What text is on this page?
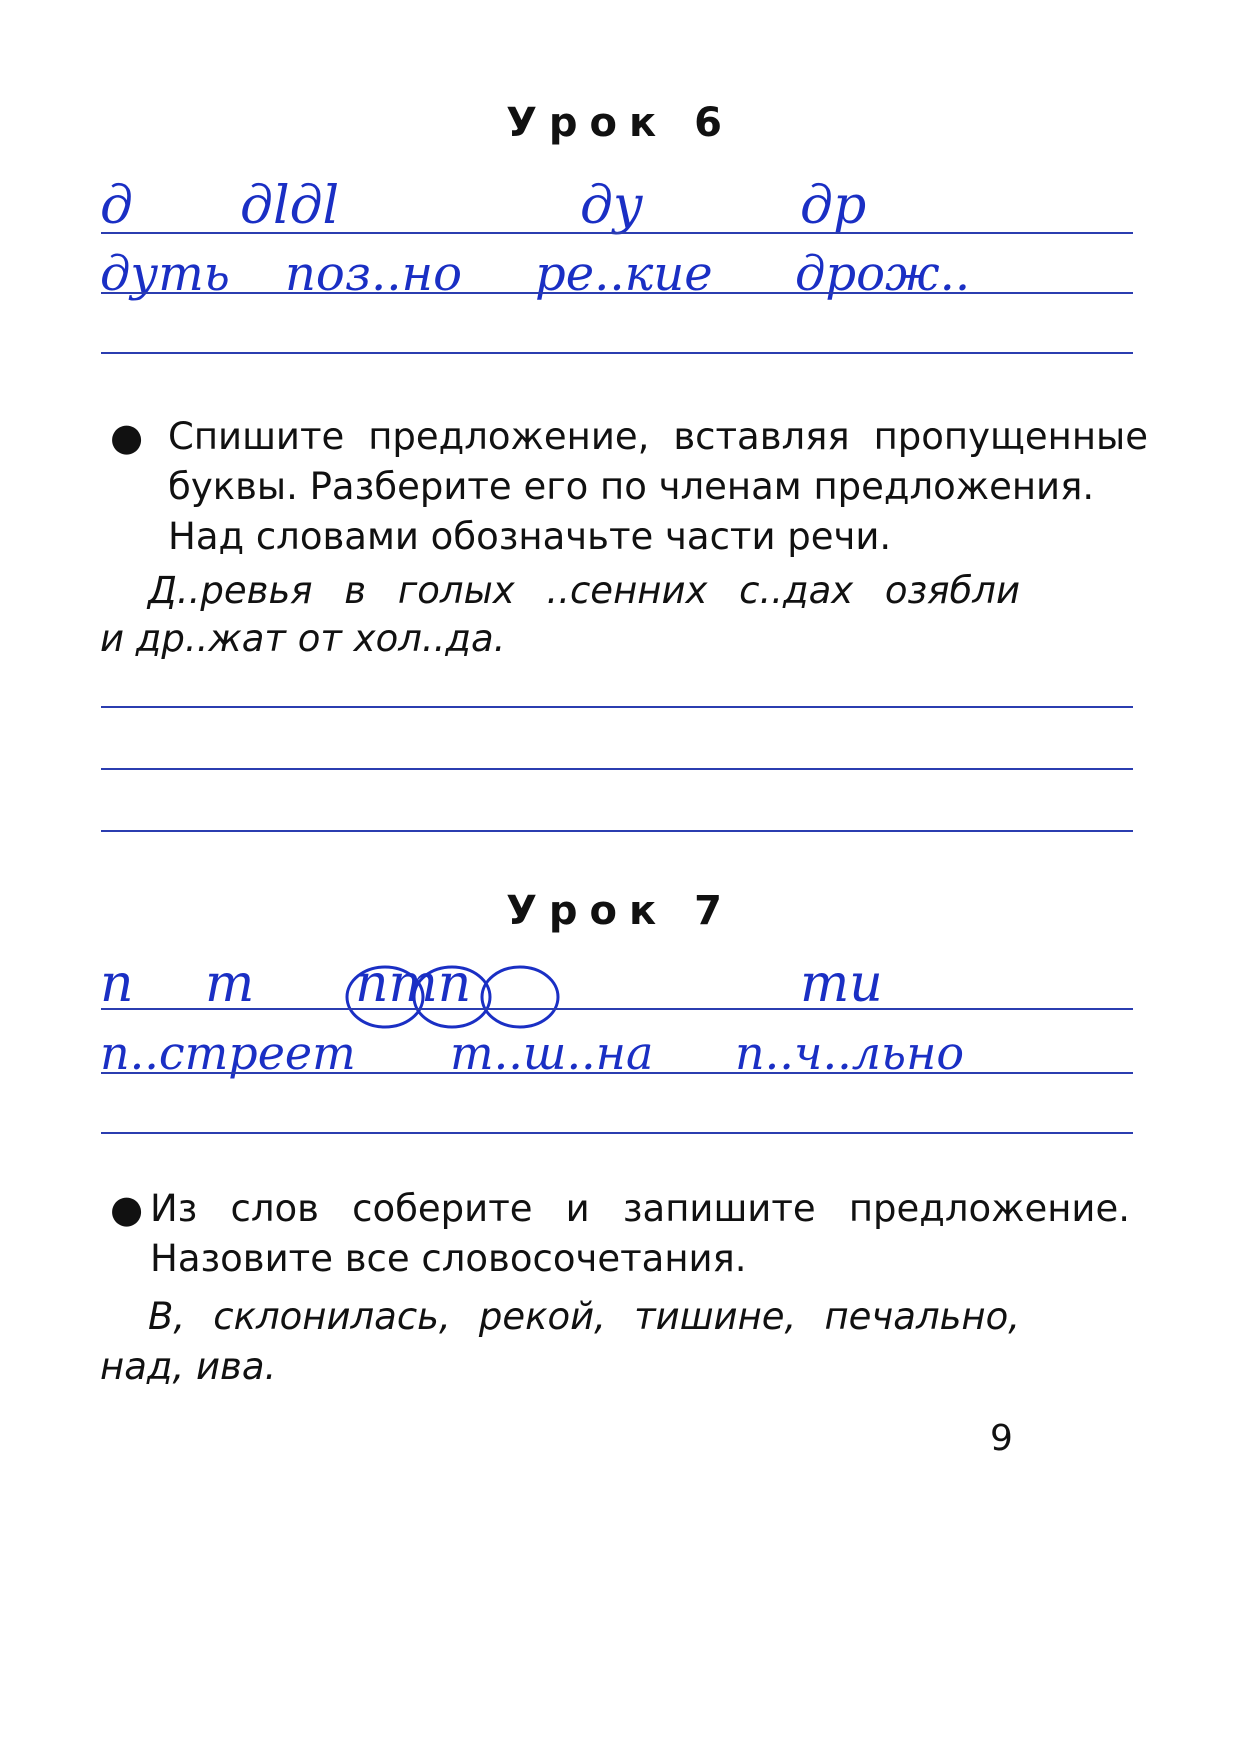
Урок 6
д дlдl	ду	др
дуть поз..но ре..кие дрож..
● Спишите предложение, вставляя пропущенные
буквы. Разберите его по членам предложения.
Над словами обозначьте части речи.
Д..ревья в голых ..сенних с..дах озябли
и др..жат от хол..да.
Урок 7
п т птп	ти
п..стреет т..ш..на п..ч..льно
● Из слов соберите и запишите предложение.
Назовите все словосочетания.
В, склонилась, рекой, тишине, печально,
над, ива.
9
